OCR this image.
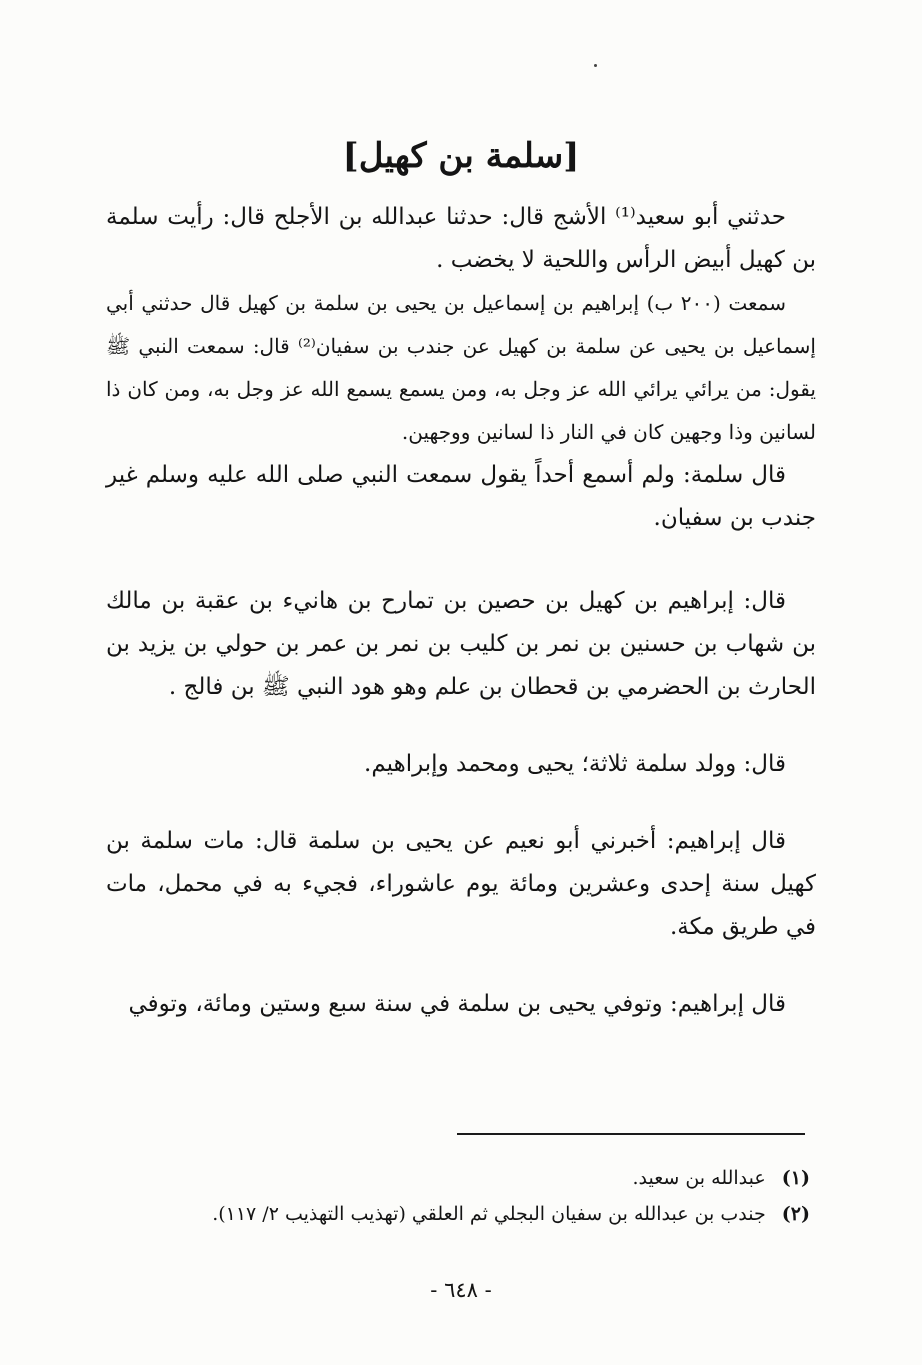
[سلمة بن كهيل]

حدثني أبو سعيد⁽¹⁾ الأشج قال: حدثنا عبدالله بن الأجلح قال: رأيت سلمة بن كهيل أبيض الرأس واللحية لا يخضب .

سمعت (٢٠٠ ب) إبراهيم بن إسماعيل بن يحيى بن سلمة بن كهيل قال حدثني أبي إسماعيل بن يحيى عن سلمة بن كهيل عن جندب بن سفيان⁽²⁾ قال: سمعت النبي ﷺ يقول: من يرائي يرائي الله عز وجل به، ومن يسمع يسمع الله عز وجل به، ومن كان ذا لسانين وذا وجهين كان في النار ذا لسانين ووجهين.

قال سلمة: ولم أسمع أحداً يقول سمعت النبي صلى الله عليه وسلم غير جندب بن سفيان.

قال: إبراهيم بن كهيل بن حصين بن تمارح بن هانيء بن عقبة بن مالك بن شهاب بن حسنين بن نمر بن كليب بن نمر بن عمر بن حولي بن يزيد بن الحارث بن الحضرمي بن قحطان بن علم وهو هود النبي ﷺ بن فالج .

قال: وولد سلمة ثلاثة؛ يحيى ومحمد وإبراهيم.

قال إبراهيم: أخبرني أبو نعيم عن يحيى بن سلمة قال: مات سلمة بن كهيل سنة إحدى وعشرين ومائة يوم عاشوراء، فجيء به في محمل، مات في طريق مكة.

قال إبراهيم: وتوفي يحيى بن سلمة في سنة سبع وستين ومائة، وتوفي

(١) عبدالله بن سعيد.

(٢) جندب بن عبدالله بن سفيان البجلي ثم العلقي (تهذيب التهذيب ٢/ ١١٧).

- ٦٤٨ -
